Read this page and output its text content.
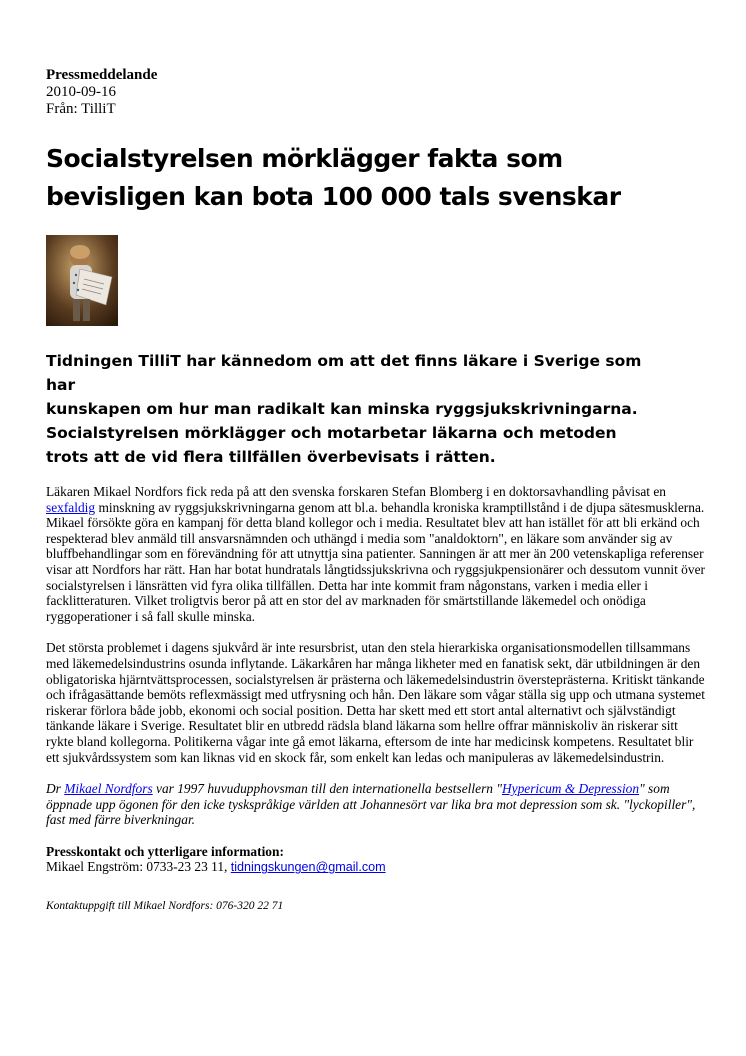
Pressmeddelande
2010-09-16
Från: TilliT
Socialstyrelsen mörklägger fakta som
bevisligen kan bota 100 000 tals svenskar
Tidningen TilliT har kännedom om att det finns läkare i Sverige som har
kunskapen om hur man radikalt kan minska ryggsjukskrivningarna.
Socialstyrelsen mörklägger och motarbetar läkarna och metoden
trots att de vid flera tillfällen överbevisats i rätten.

Läkaren Mikael Nordfors fick reda på att den svenska forskaren Stefan Blomberg i en doktorsavhandling påvisat en sexfaldig minskning av ryggsjukskrivningarna genom att bl.a. behandla kroniska kramptillstånd i de djupa sätesmusklerna. Mikael försökte göra en kampanj för detta bland kollegor och i media. Resultatet blev att han istället för att bli erkänd och respekterad blev anmäld till ansvarsnämnden och uthängd i media som "analdoktorn", en läkare som använder sig av bluffbehandlingar som en förevändning för att utnyttja sina patienter. Sanningen är att mer än 200 vetenskapliga referenser visar att Nordfors har rätt. Han har botat hundratals långtidssjukskrivna och ryggsjukpensionärer och dessutom vunnit över socialstyrelsen i länsrätten vid fyra olika tillfällen. Detta har inte kommit fram någonstans, varken i media eller i facklitteraturen. Vilket troligtvis beror på att en stor del av marknaden för smärtstillande läkemedel och onödiga ryggoperationer i så fall skulle minska.

Det största problemet i dagens sjukvård är inte resursbrist, utan den stela hierarkiska organisationsmodellen tillsammans med läkemedelsindustrins osunda inflytande. Läkarkåren har många likheter med en fanatisk sekt, där utbildningen är den obligatoriska hjärntvättsprocessen, socialstyrelsen är prästerna och läkemedelsindustrin översteprästerna. Kritiskt tänkande och ifrågasättande bemöts reflexmässigt med utfrysning och hån. Den läkare som vågar ställa sig upp och utmana systemet riskerar förlora både jobb, ekonomi och social position. Detta har skett med ett stort antal alternativt och självständigt tänkande läkare i Sverige. Resultatet blir en utbredd rädsla bland läkarna som hellre offrar människoliv än riskerar sitt rykte bland kollegorna. Politikerna vågar inte gå emot läkarna, eftersom de inte har medicinsk kompetens. Resultatet blir ett sjukvårdssystem som kan liknas vid en skock får, som enkelt kan ledas och manipuleras av läkemedelsindustrin.

Dr Mikael Nordfors var 1997 huvudupphovsman till den internationella bestsellern "Hypericum & Depression" som öppnade upp ögonen för den icke tyskspråkige världen att Johannesört var lika bra mot depression som sk. "lyckopiller", fast med färre biverkningar.

Presskontakt och ytterligare information:
Mikael Engström: 0733-23 23 11, tidningskungen@gmail.com
Kontaktuppgift till Mikael Nordfors: 076-320 22 71
